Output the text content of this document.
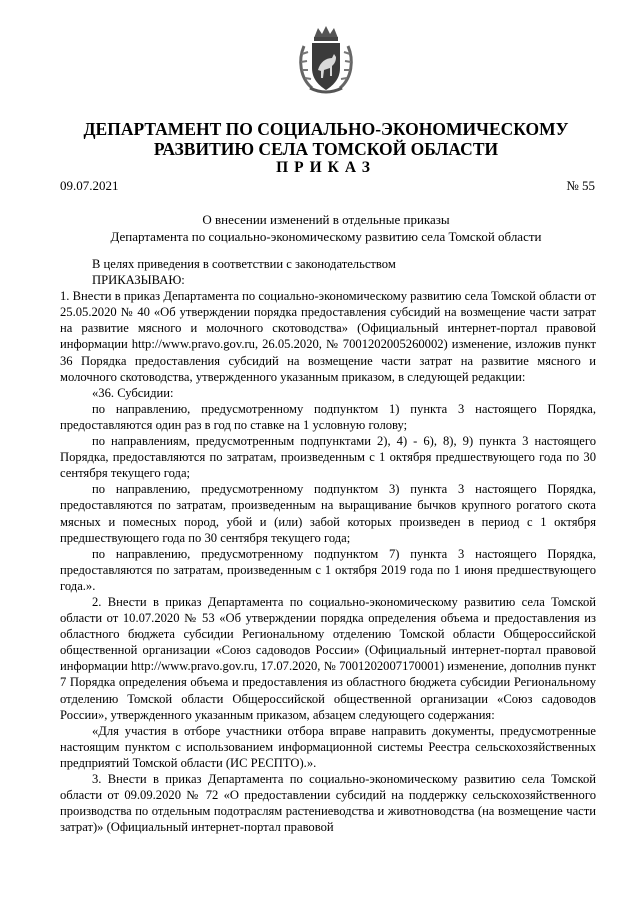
ДЕПАРТАМЕНТ ПО СОЦИАЛЬНО-ЭКОНОМИЧЕСКОМУ
РАЗВИТИЮ СЕЛА ТОМСКОЙ ОБЛАСТИ
ПРИКАЗ
09.07.2021	№ 55
О внесении изменений в отдельные приказы
Департамента по социально-экономическому развитию села Томской области

В целях приведения в соответствии с законодательством

ПРИКАЗЫВАЮ:

1. Внести в приказ Департамента по социально-экономическому развитию села Томской области от 25.05.2020 № 40 «Об утверждении порядка предоставления субсидий на возмещение части затрат на развитие мясного и молочного скотоводства» (Официальный интернет-портал правовой информации http://www.pravo.gov.ru, 26.05.2020, № 7001202005260002) изменение, изложив пункт 36 Порядка предоставления субсидий на возмещение части затрат на развитие мясного и молочного скотоводства, утвержденного указанным приказом, в следующей редакции:

«36. Субсидии:

по направлению, предусмотренному подпунктом 1) пункта 3 настоящего Порядка, предоставляются один раз в год по ставке на 1 условную голову;

по направлениям, предусмотренным подпунктами 2), 4) - 6), 8), 9) пункта 3 настоящего Порядка, предоставляются по затратам, произведенным с 1 октября предшествующего года по 30 сентября текущего года;

по направлению, предусмотренному подпунктом 3) пункта 3 настоящего Порядка, предоставляются по затратам, произведенным на выращивание бычков крупного рогатого скота мясных и помесных пород, убой и (или) забой которых произведен в период с 1 октября предшествующего года по 30 сентября текущего года;

по направлению, предусмотренному подпунктом 7) пункта 3 настоящего Порядка, предоставляются по затратам, произведенным с 1 октября 2019 года по 1 июня предшествующего года.».

2. Внести в приказ Департамента по социально-экономическому развитию села Томской области от 10.07.2020 № 53 «Об утверждении порядка определения объема и предоставления из областного бюджета субсидии Региональному отделению Томской области Общероссийской общественной организации «Союз садоводов России» (Официальный интернет-портал правовой информации http://www.pravo.gov.ru, 17.07.2020, № 7001202007170001) изменение, дополнив пункт 7 Порядка определения объема и предоставления из областного бюджета субсидии Региональному отделению Томской области Общероссийской общественной организации «Союз садоводов России», утвержденного указанным приказом, абзацем следующего содержания:

«Для участия в отборе участники отбора вправе направить документы, предусмотренные настоящим пунктом с использованием информационной системы Реестра сельскохозяйственных предприятий Томской области (ИС РЕСПТО).».

3. Внести в приказ Департамента по социально-экономическому развитию села Томской области от 09.09.2020 № 72 «О предоставлении субсидий на поддержку сельскохозяйственного производства по отдельным подотраслям растениеводства и животноводства (на возмещение части затрат)» (Официальный интернет-портал правовой
